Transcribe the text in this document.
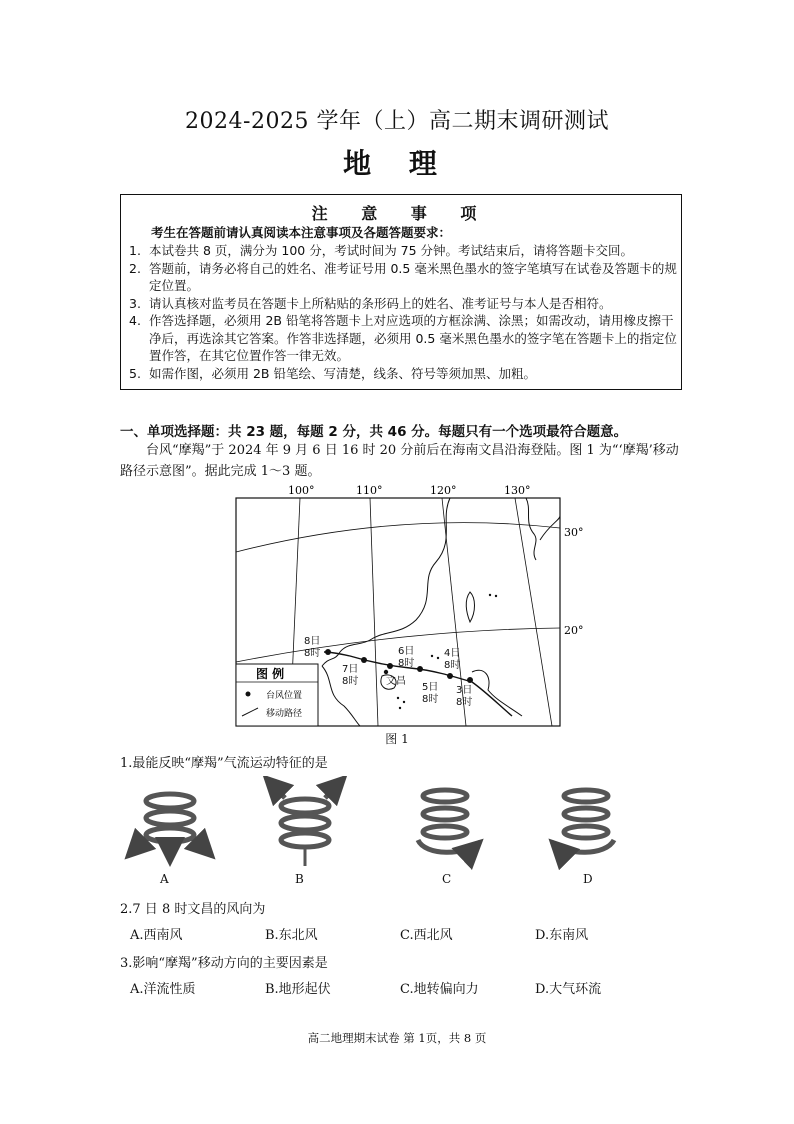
2024-2025 学年（上）高二期末调研测试
地 理
注 意 事 项
考生在答题前请认真阅读本注意事项及各题答题要求：
1. 本试卷共 8 页，满分为 100 分，考试时间为 75 分钟。考试结束后，请将答题卡交回。
2. 答题前，请务必将自己的姓名、准考证号用 0.5 毫米黑色墨水的签字笔填写在试卷及答题卡的规定位置。
3. 请认真核对监考员在答题卡上所粘贴的条形码上的姓名、准考证号与本人是否相符。
4. 作答选择题，必须用 2B 铅笔将答题卡上对应选项的方框涂满、涂黑；如需改动，请用橡皮擦干净后，再选涂其它答案。作答非选择题，必须用 0.5 毫米黑色墨水的签字笔在答题卡上的指定位置作答，在其它位置作答一律无效。
5. 如需作图，必须用 2B 铅笔绘、写清楚，线条、符号等须加黑、加粗。
一、单项选择题：共 23 题，每题 2 分，共 46 分。每题只有一个选项最符合题意。
台风“摩羯”于 2024 年 9 月 6 日 16 时 20 分前后在海南文昌沿海登陆。图 1 为“‘摩羯’移动路径示意图”。据此完成 1～3 题。
100°	110°	120°	130°
30°
20°
3日
8时
4日
8时
5日
8时
6日
8时
7日
8时
8日
8时
文昌
图 例
台风位置
移动路径
图 1
1.最能反映“摩羯”气流运动特征的是
A	B	C	D
2.7 日 8 时文昌的风向为
A.西南风	B.东北风	C.西北风	D.东南风
3.影响“摩羯”移动方向的主要因素是
A.洋流性质	B.地形起伏	C.地转偏向力	D.大气环流
高二地理期末试卷 第 1页，共 8 页
